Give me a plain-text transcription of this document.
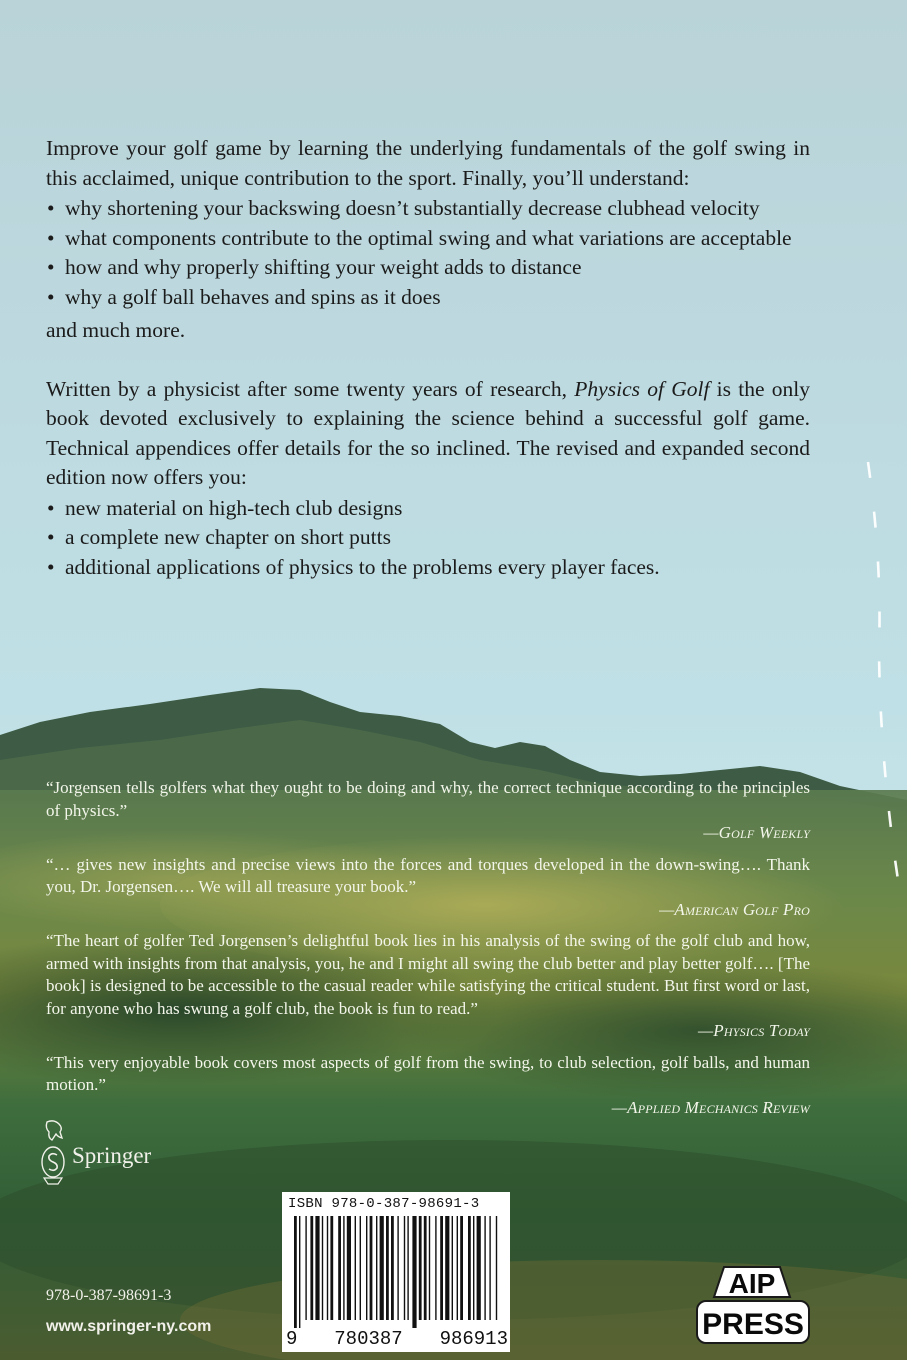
Improve your golf game by learning the underlying fundamentals of the golf swing in this acclaimed, unique contribution to the sport. Finally, you’ll understand:

• why shortening your backswing doesn’t substantially decrease clubhead velocity
• what components contribute to the optimal swing and what variations are acceptable
• how and why properly shifting your weight adds to distance
• why a golf ball behaves and spins as it does

and much more.

Written by a physicist after some twenty years of research, Physics of Golf is the only book devoted exclusively to explaining the science behind a successful golf game. Technical appendices offer details for the so inclined. The revised and expanded second edition now offers you:

• new material on high-tech club designs
• a complete new chapter on short putts
• additional applications of physics to the problems every player faces.

“Jorgensen tells golfers what they ought to be doing and why, the correct technique according to the principles of physics.”

—Golf Weekly

“… gives new insights and precise views into the forces and torques developed in the down-swing…. Thank you, Dr. Jorgensen…. We will all treasure your book.”

—American Golf Pro

“The heart of golfer Ted Jorgensen’s delightful book lies in his analysis of the swing of the golf club and how, armed with insights from that analysis, you, he and I might all swing the club better and play better golf…. [The book] is designed to be accessible to the casual reader while satisfying the critical student. But first word or last, for anyone who has swung a golf club, the book is fun to read.”

—Physics Today

“This very enjoyable book covers most aspects of golf from the swing, to club selection, golf balls, and human motion.”

—Applied Mechanics Review
Springer
978-0-387-98691-3
www.springer-ny.com
ISBN 978-0-387-98691-3
9 780387 986913
AIP
PRESS
